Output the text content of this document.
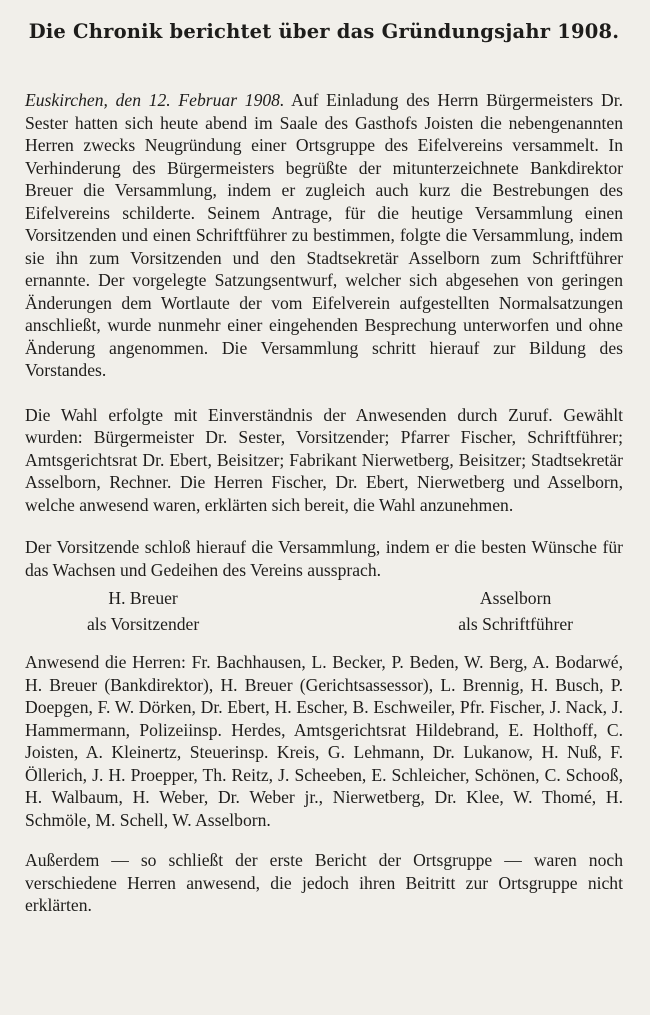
Die Chronik berichtet über das Gründungsjahr 1908.

Euskirchen, den 12. Februar 1908. Auf Einladung des Herrn Bürgermeisters Dr. Sester hatten sich heute abend im Saale des Gasthofs Joisten die nebengenannten Herren zwecks Neugründung einer Ortsgruppe des Eifelvereins versammelt. In Verhinderung des Bürgermeisters begrüßte der mitunterzeichnete Bankdirektor Breuer die Versammlung, indem er zugleich auch kurz die Bestrebungen des Eifelvereins schilderte. Seinem Antrage, für die heutige Versammlung einen Vorsitzenden und einen Schriftführer zu bestimmen, folgte die Versammlung, indem sie ihn zum Vorsitzenden und den Stadtsekretär Asselborn zum Schriftführer ernannte. Der vorgelegte Satzungsentwurf, welcher sich abgesehen von geringen Änderungen dem Wortlaute der vom Eifelverein aufgestellten Normalsatzungen anschließt, wurde nunmehr einer eingehenden Besprechung unterworfen und ohne Änderung angenommen. Die Versammlung schritt hierauf zur Bildung des Vorstandes.

Die Wahl erfolgte mit Einverständnis der Anwesenden durch Zuruf. Gewählt wurden: Bürgermeister Dr. Sester, Vorsitzender; Pfarrer Fischer, Schriftführer; Amtsgerichtsrat Dr. Ebert, Beisitzer; Fabrikant Nierwetberg, Beisitzer; Stadtsekretär Asselborn, Rechner. Die Herren Fischer, Dr. Ebert, Nierwetberg und Asselborn, welche anwesend waren, erklärten sich bereit, die Wahl anzunehmen.

Der Vorsitzende schloß hierauf die Versammlung, indem er die besten Wünsche für das Wachsen und Gedeihen des Vereins aussprach.

H. Breuer
als Vorsitzender
Asselborn
als Schriftführer

Anwesend die Herren: Fr. Bachhausen, L. Becker, P. Beden, W. Berg, A. Bodarwé, H. Breuer (Bankdirektor), H. Breuer (Gerichtsassessor), L. Brennig, H. Busch, P. Doepgen, F. W. Dörken, Dr. Ebert, H. Escher, B. Eschweiler, Pfr. Fischer, J. Nack, J. Hammermann, Polizeiinsp. Herdes, Amtsgerichtsrat Hildebrand, E. Holthoff, C. Joisten, A. Kleinertz, Steuerinsp. Kreis, G. Lehmann, Dr. Lukanow, H. Nuß, F. Öllerich, J. H. Proepper, Th. Reitz, J. Scheeben, E. Schleicher, Schönen, C. Schooß, H. Walbaum, H. Weber, Dr. Weber jr., Nierwetberg, Dr. Klee, W. Thomé, H. Schmöle, M. Schell, W. Asselborn.

Außerdem — so schließt der erste Bericht der Ortsgruppe — waren noch verschiedene Herren anwesend, die jedoch ihren Beitritt zur Ortsgruppe nicht erklärten.
